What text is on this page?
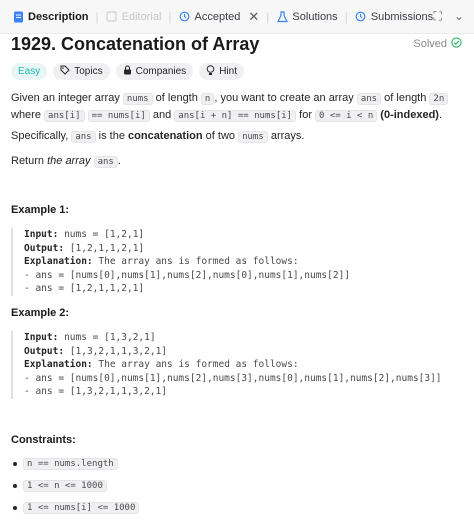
Description | Editorial | Accepted ✕ | Solutions | Submissions ⛶ ⌄
1929. Concatenation of Array	Solved
Easy	Topics	Companies	Hint
Given an integer array nums of length n , you want to create an array ans of length 2n where ans[i] == nums[i] and ans[i + n] == nums[i] for 0 <= i < n (0-indexed).
Specifically, ans is the concatenation of two nums arrays.
Return the array ans .
Example 1:
Input: nums = [1,2,1]
Output: [1,2,1,1,2,1]
Explanation: The array ans is formed as follows:
- ans = [nums[0],nums[1],nums[2],nums[0],nums[1],nums[2]]
- ans = [1,2,1,1,2,1]
Example 2:
Input: nums = [1,3,2,1]
Output: [1,3,2,1,1,3,2,1]
Explanation: The array ans is formed as follows:
- ans = [nums[0],nums[1],nums[2],nums[3],nums[0],nums[1],nums[2],nums[3]]
- ans = [1,3,2,1,1,3,2,1]
Constraints:
n == nums.length
1 <= n <= 1000
1 <= nums[i] <= 1000
